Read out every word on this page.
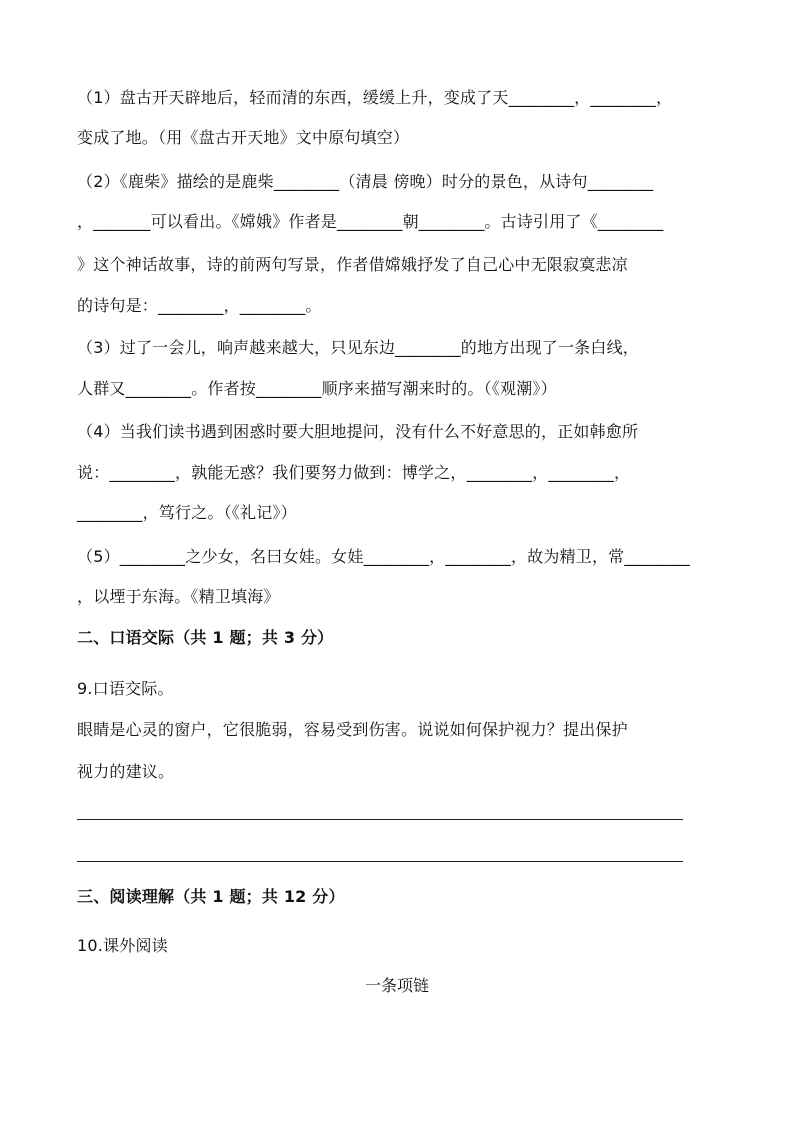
（1）盘古开天辟地后，轻而清的东西，缓缓上升，变成了天________，________，
变成了地。（用《盘古开天地》文中原句填空）
（2）《鹿柴》描绘的是鹿柴________（清晨 傍晚）时分的景色，从诗句________
，_______可以看出。《嫦娥》作者是________朝________。古诗引用了《________
》这个神话故事，诗的前两句写景，作者借嫦娥抒发了自己心中无限寂寞悲凉
的诗句是：________，________。
（3）过了一会儿，响声越来越大，只见东边________的地方出现了一条白线，
人群又________。作者按________顺序来描写潮来时的。（《观潮》）
（4）当我们读书遇到困惑时要大胆地提问，没有什么不好意思的，正如韩愈所
说：________，孰能无惑？我们要努力做到：博学之，________，________，
________，笃行之。（《礼记》）
（5）________之少女，名曰女娃。女娃________，________，故为精卫，常________
，以堙于东海。《精卫填海》
二、口语交际（共 1 题；共 3 分）
9.口语交际。
眼睛是心灵的窗户，它很脆弱，容易受到伤害。说说如何保护视力？提出保护
视力的建议。
三、阅读理解（共 1 题；共 12 分）
10.课外阅读
一条项链
